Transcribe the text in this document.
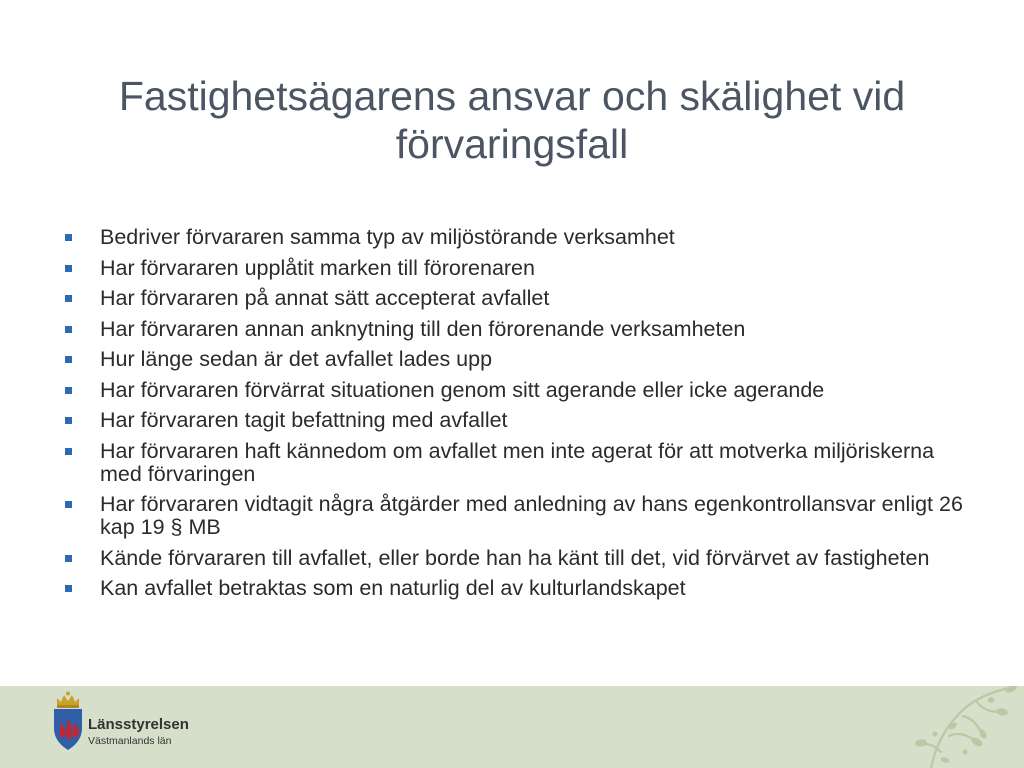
Fastighetsägarens ansvar och skälighet vid förvaringsfall
Bedriver förvararen samma typ av miljöstörande verksamhet
Har förvararen upplåtit marken till förorenaren
Har förvararen på annat sätt accepterat avfallet
Har förvararen annan anknytning till den förorenande verksamheten
Hur länge sedan är det avfallet lades upp
Har förvararen förvärrat situationen genom sitt agerande eller icke agerande
Har förvararen tagit befattning med avfallet
Har förvararen haft kännedom om avfallet men inte agerat för att motverka miljöriskerna med förvaringen
Har förvararen vidtagit några åtgärder med anledning av hans egenkontrollansvar enligt 26 kap 19 § MB
Kände förvararen till avfallet, eller borde han ha känt till det, vid förvärvet av fastigheten
Kan avfallet betraktas som en naturlig del av kulturlandskapet
Länsstyrelsen
Västmanlands län
